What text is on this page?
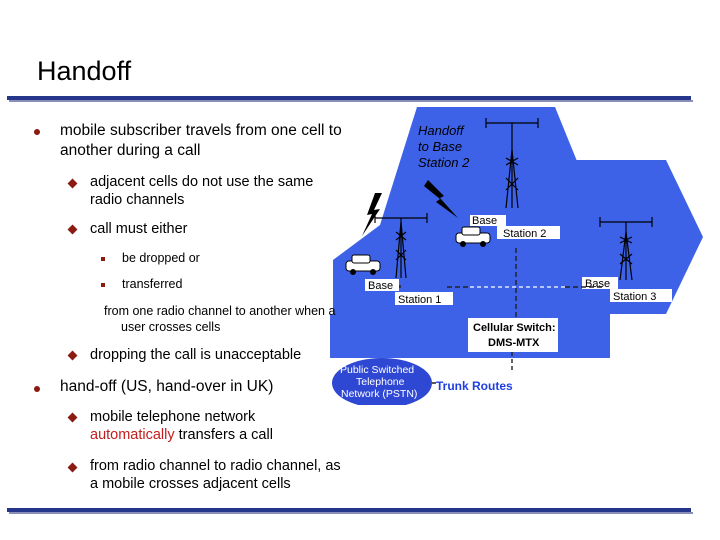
Handoff
Handoff
to Base
Station 2
Base
Station 2
Base
Station 1
Base
Station 3
Cellular Switch:
DMS-MTX
Public Switched
Telephone
Network (PSTN)
Trunk Routes
mobile subscriber travels from one cell to another during a call
adjacent cells do not use the same radio channels
call must either
be dropped or
transferred
from one radio channel to another when a user crosses cells
dropping the call is unacceptable
hand-off (US, hand-over in UK)
mobile telephone network automatically transfers a call
from radio channel to radio channel, as a mobile crosses adjacent cells
